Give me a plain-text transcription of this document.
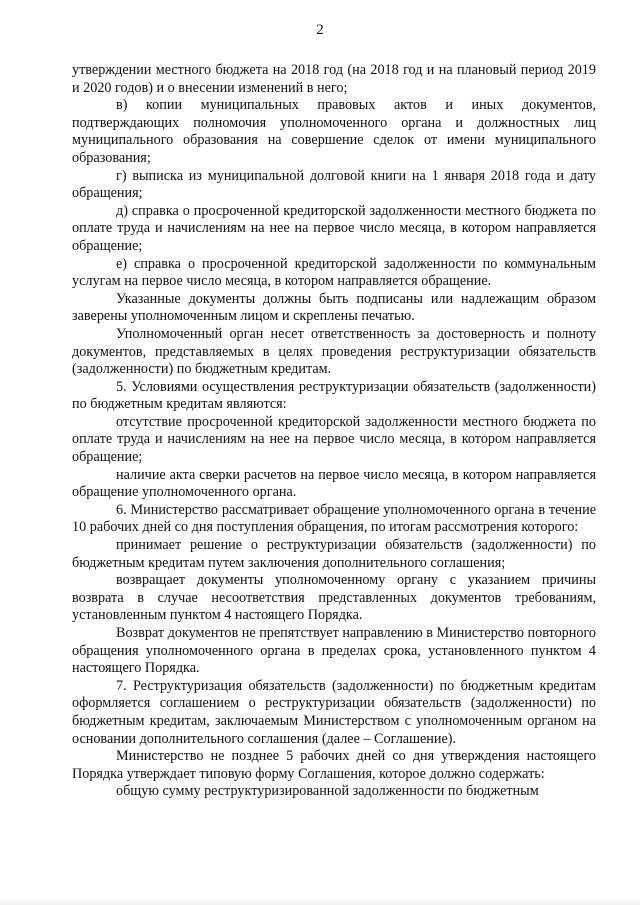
2

утверждении местного бюджета на 2018 год (на 2018 год и на плановый период 2019 и 2020 годов) и о внесении изменений в него;

в) копии муниципальных правовых актов и иных документов, подтверждающих полномочия уполномоченного органа и должностных лиц муниципального образования на совершение сделок от имени муниципального образования;

г) выписка из муниципальной долговой книги на 1 января 2018 года и дату обращения;

д) справка о просроченной кредиторской задолженности местного бюджета по оплате труда и начислениям на нее на первое число месяца, в котором направляется обращение;

е) справка о просроченной кредиторской задолженности по коммунальным услугам на первое число месяца, в котором направляется обращение.

Указанные документы должны быть подписаны или надлежащим образом заверены уполномоченным лицом и скреплены печатью.

Уполномоченный орган несет ответственность за достоверность и полноту документов, представляемых в целях проведения реструктуризации обязательств (задолженности) по бюджетным кредитам.

5. Условиями осуществления реструктуризации обязательств (задолженности) по бюджетным кредитам являются:

отсутствие просроченной кредиторской задолженности местного бюджета по оплате труда и начислениям на нее на первое число месяца, в котором направляется обращение;

наличие акта сверки расчетов на первое число месяца, в котором направляется обращение уполномоченного органа.

6. Министерство рассматривает обращение уполномоченного органа в течение 10 рабочих дней со дня поступления обращения, по итогам рассмотрения которого:

принимает решение о реструктуризации обязательств (задолженности) по бюджетным кредитам путем заключения дополнительного соглашения;

возвращает документы уполномоченному органу с указанием причины возврата в случае несоответствия представленных документов требованиям, установленным пунктом 4 настоящего Порядка.

Возврат документов не препятствует направлению в Министерство повторного обращения уполномоченного органа в пределах срока, установленного пунктом 4 настоящего Порядка.

7. Реструктуризация обязательств (задолженности) по бюджетным кредитам оформляется соглашением о реструктуризации обязательств (задолженности) по бюджетным кредитам, заключаемым Министерством с уполномоченным органом на основании дополнительного соглашения (далее – Соглашение).

Министерство не позднее 5 рабочих дней со дня утверждения настоящего Порядка утверждает типовую форму Соглашения, которое должно содержать:

общую сумму реструктуризированной задолженности по бюджетным
